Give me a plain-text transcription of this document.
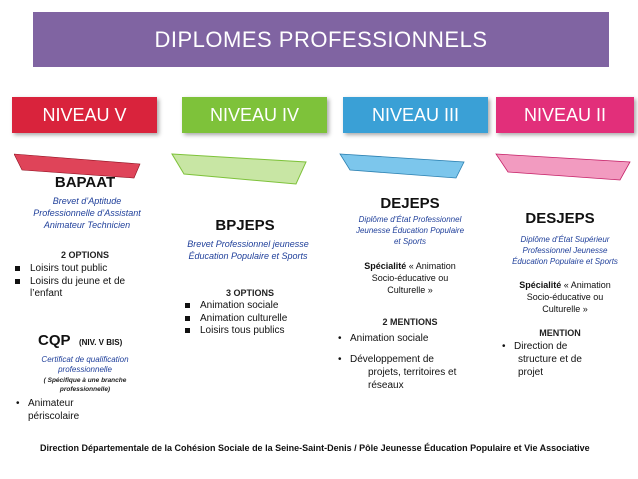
DIPLOMES PROFESSIONNELS
NIVEAU V	NIVEAU IV	NIVEAU III	NIVEAU II
BAPAAT
Brevet d’Aptitude
Professionnelle d’Assistant
Animateur Technicien
2 OPTIONS
Loisirs tout public
Loisirs du jeune et de
l’enfant
CQP (NIV. V BIS)
Certificat de qualification
professionnelle
( Spécifique à une branche
professionnelle)
• Animateur
périscolaire
BPJEPS
Brevet Professionnel jeunesse
Éducation Populaire et Sports
3 OPTIONS
Animation sociale
Animation culturelle
Loisirs tous publics
DEJEPS
Diplôme d’État Professionnel
Jeunesse Éducation Populaire
et Sports
Spécialité « Animation
Socio-éducative ou
Culturelle »
2 MENTIONS
• Animation sociale
• Développement de
projets, territoires et
réseaux
DESJEPS
Diplôme d’État Supérieur
Professionnel Jeunesse
Éducation Populaire et Sports
Spécialité « Animation
Socio-éducative ou
Culturelle »
MENTION
• Direction de
structure et de
projet
Direction Départementale de la Cohésion Sociale de la Seine-Saint-Denis / Pôle Jeunesse Éducation Populaire et Vie Associative
